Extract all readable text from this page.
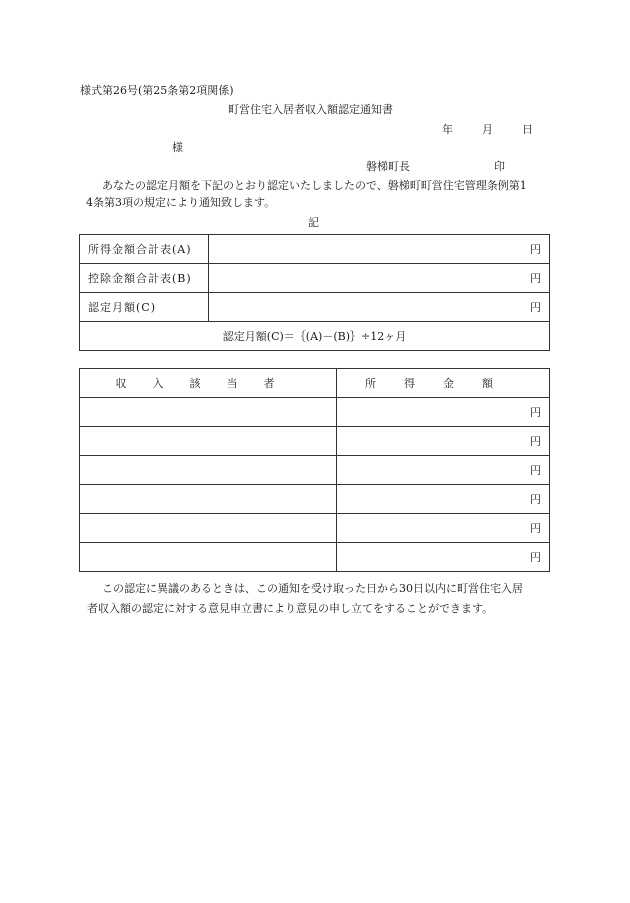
様式第26号(第25条第2項関係)
町営住宅入居者収入額認定通知書
年	月	日
様
磐梯町長	印
あなたの認定月額を下記のとおり認定いたしましたので、磐梯町町営住宅管理条例第1
4条第3項の規定により通知致します。
記
所得金額合計表(A)	円
控除金額合計表(B)	円
認定月額(C)	円
認定月額(C)＝｛(A)－(B)｝÷12ヶ月	
収入該当者	所得金額
	円
	円
	円
	円
	円
	円
この認定に異議のあるときは、この通知を受け取った日から30日以内に町営住宅入居
者収入額の認定に対する意見申立書により意見の申し立てをすることができます。
